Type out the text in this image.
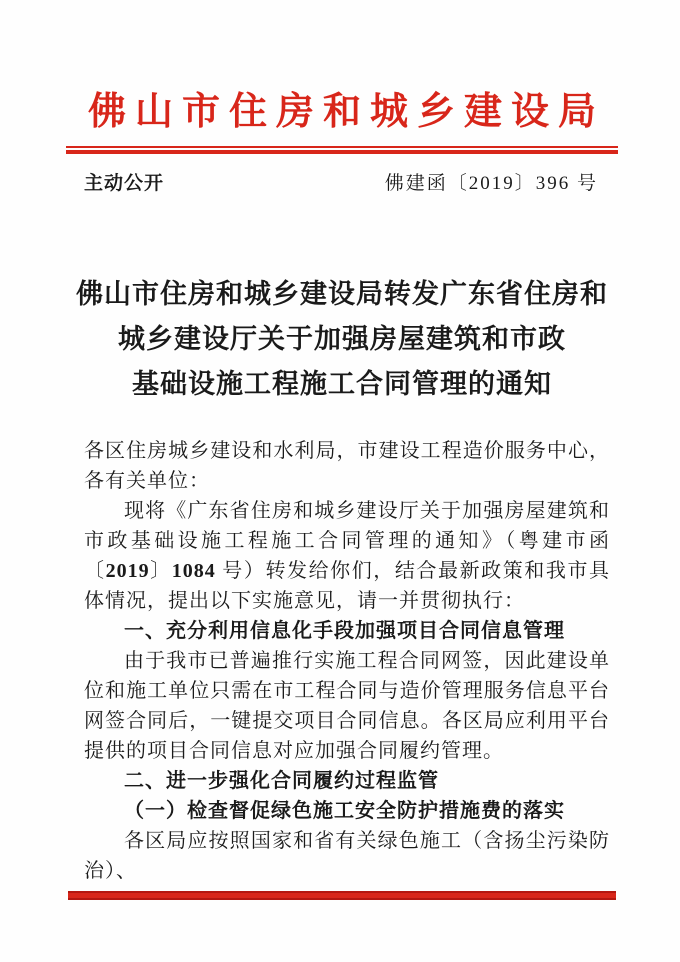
佛山市住房和城乡建设局
主动公开	佛建函〔2019〕396 号
佛山市住房和城乡建设局转发广东省住房和
城乡建设厅关于加强房屋建筑和市政
基础设施工程施工合同管理的通知

各区住房城乡建设和水利局，市建设工程造价服务中心，各有关单位：

现将《广东省住房和城乡建设厅关于加强房屋建筑和市政基础设施工程施工合同管理的通知》（粤建市函〔2019〕1084 号）转发给你们，结合最新政策和我市具体情况，提出以下实施意见，请一并贯彻执行：

一、充分利用信息化手段加强项目合同信息管理

由于我市已普遍推行实施工程合同网签，因此建设单位和施工单位只需在市工程合同与造价管理服务信息平台网签合同后，一键提交项目合同信息。各区局应利用平台提供的项目合同信息对应加强合同履约管理。

二、进一步强化合同履约过程监管

（一）检查督促绿色施工安全防护措施费的落实

各区局应按照国家和省有关绿色施工（含扬尘污染防治）、
